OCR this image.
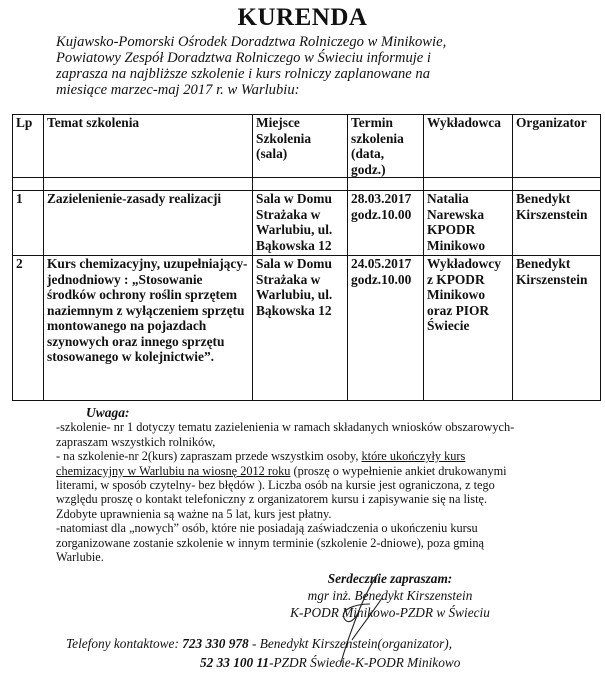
KURENDA
Kujawsko-Pomorski Ośrodek Doradztwa Rolniczego w Minikowie,
Powiatowy Zespół Doradztwa Rolniczego w Świeciu informuje i
zaprasza na najbliższe szkolenie i kurs rolniczy zaplanowane na
miesiące marzec-maj 2017 r. w Warlubiu:
Lp	Temat szkolenia	Miejsce Szkolenia (sala)	Termin szkolenia (data, godz.)	Wykładowca	Organizator

1	Zazielenienie-zasady realizacji	Sala w Domu Strażaka w Warlubiu, ul. Bąkowska 12	28.03.2017 godz.10.00	Natalia Narewska KPODR Minikowo	Benedykt Kirszenstein
2	Kurs chemizacyjny, uzupełniający- jednodniowy : „Stosowanie środków ochrony roślin sprzętem naziemnym z wyłączeniem sprzętu montowanego na pojazdach szynowych oraz innego sprzętu stosowanego w kolejnictwie”.	Sala w Domu Strażaka w Warlubiu, ul. Bąkowska 12	24.05.2017 godz.10.00	Wykładowcy z KPODR Minikowo oraz PIOR Świecie	Benedykt Kirszenstein
Uwaga:
-szkolenie- nr 1 dotyczy tematu zazielenienia w ramach składanych wniosków obszarowych-
zapraszam wszystkich rolników,
- na szkolenie-nr 2(kurs) zapraszam przede wszystkim osoby, które ukończyły kurs
chemizacyjny w Warlubiu na wiosnę 2012 roku (proszę o wypełnienie ankiet drukowanymi
literami, w sposób czytelny- bez błędów ). Liczba osób na kursie jest ograniczona, z tego
względu proszę o kontakt telefoniczny z organizatorem kursu i zapisywanie się na listę.
Zdobyte uprawnienia są ważne na 5 lat, kurs jest płatny.
-natomiast dla „nowych” osób, które nie posiadają zaświadczenia o ukończeniu kursu
zorganizowane zostanie szkolenie w innym terminie (szkolenie 2-dniowe), poza gminą
Warlubie.
Serdecznie zapraszam:
mgr inż. Benedykt Kirszenstein
K-PODR Minikowo-PZDR w Świeciu
Telefony kontaktowe: 723 330 978 - Benedykt Kirszenstein(organizator),
52 33 100 11-PZDR Świecie-K-PODR Minikowo
